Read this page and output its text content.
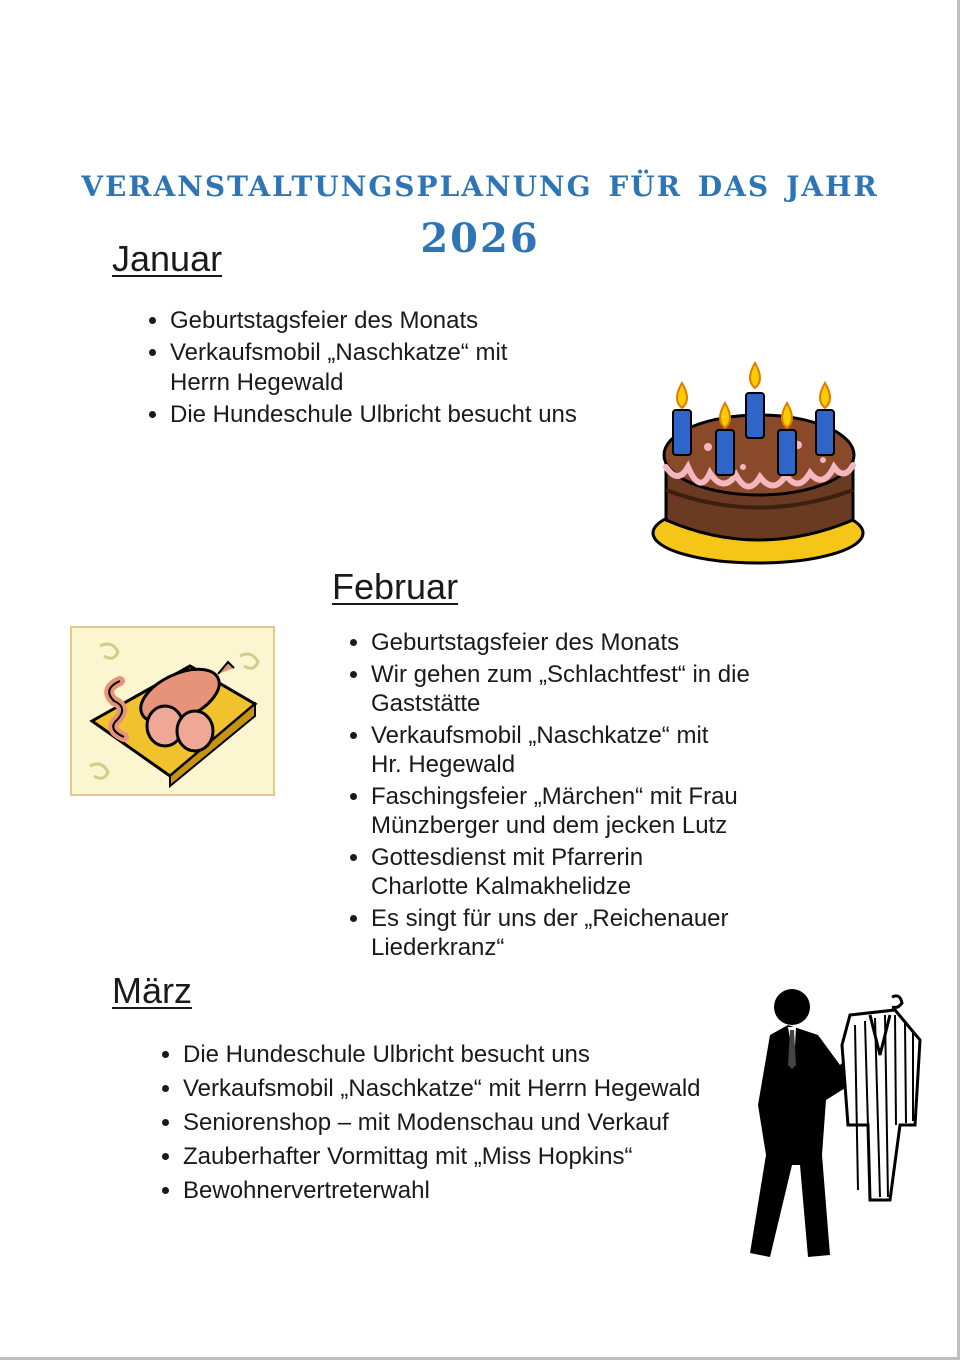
veranstaltungsplanung für das jahr 2026
Januar
• Geburtstagsfeier des Monats
• Verkaufsmobil „Naschkatze“ mit Herrn Hegewald
• Die Hundeschule Ulbricht besucht uns
Februar
• Geburtstagsfeier des Monats
• Wir gehen zum „Schlachtfest“ in die Gaststätte
• Verkaufsmobil „Naschkatze“ mit Hr. Hegewald
• Faschingsfeier „Märchen“ mit Frau Münzberger und dem jecken Lutz
• Gottesdienst mit Pfarrerin Charlotte Kalmakhelidze
• Es singt für uns der „Reichenauer Liederkranz“
März
• Die Hundeschule Ulbricht besucht uns
• Verkaufsmobil „Naschkatze“ mit Herrn Hegewald
• Seniorenshop – mit Modenschau und Verkauf
• Zauberhafter Vormittag mit „Miss Hopkins“
• Bewohnervertreterwahl
